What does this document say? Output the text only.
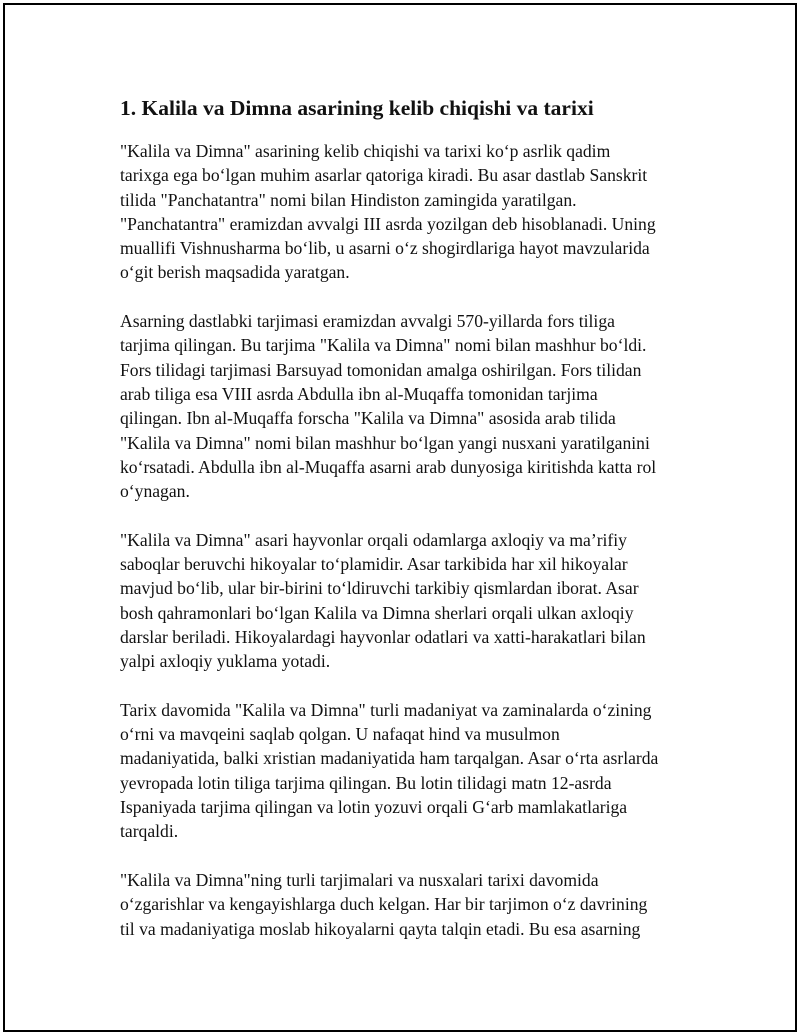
1. Kalila va Dimna asarining kelib chiqishi va tarixi

"Kalila va Dimna" asarining kelib chiqishi va tarixi ko‘p asrlik qadim
tarixga ega bo‘lgan muhim asarlar qatoriga kiradi. Bu asar dastlab Sanskrit
tilida "Panchatantra" nomi bilan Hindiston zamingida yaratilgan.
"Panchatantra" eramizdan avvalgi III asrda yozilgan deb hisoblanadi. Uning
muallifi Vishnusharma bo‘lib, u asarni o‘z shogirdlariga hayot mavzularida
o‘git berish maqsadida yaratgan.

Asarning dastlabki tarjimasi eramizdan avvalgi 570-yillarda fors tiliga
tarjima qilingan. Bu tarjima "Kalila va Dimna" nomi bilan mashhur bo‘ldi.
Fors tilidagi tarjimasi Barsuyad tomonidan amalga oshirilgan. Fors tilidan
arab tiliga esa VIII asrda Abdulla ibn al-Muqaffa tomonidan tarjima
qilingan. Ibn al-Muqaffa forscha "Kalila va Dimna" asosida arab tilida
"Kalila va Dimna" nomi bilan mashhur bo‘lgan yangi nusxani yaratilganini
ko‘rsatadi. Abdulla ibn al-Muqaffa asarni arab dunyosiga kiritishda katta rol
o‘ynagan.

"Kalila va Dimna" asari hayvonlar orqali odamlarga axloqiy va ma’rifiy
saboqlar beruvchi hikoyalar to‘plamidir. Asar tarkibida har xil hikoyalar
mavjud bo‘lib, ular bir-birini to‘ldiruvchi tarkibiy qismlardan iborat. Asar
bosh qahramonlari bo‘lgan Kalila va Dimna sherlari orqali ulkan axloqiy
darslar beriladi. Hikoyalardagi hayvonlar odatlari va xatti-harakatlari bilan
yalpi axloqiy yuklama yotadi.

Tarix davomida "Kalila va Dimna" turli madaniyat va zaminalarda o‘zining
o‘rni va mavqeini saqlab qolgan. U nafaqat hind va musulmon
madaniyatida, balki xristian madaniyatida ham tarqalgan. Asar o‘rta asrlarda
yevropada lotin tiliga tarjima qilingan. Bu lotin tilidagi matn 12-asrda
Ispaniyada tarjima qilingan va lotin yozuvi orqali G‘arb mamlakatlariga
tarqaldi.

"Kalila va Dimna"ning turli tarjimalari va nusxalari tarixi davomida
o‘zgarishlar va kengayishlarga duch kelgan. Har bir tarjimon o‘z davrining
til va madaniyatiga moslab hikoyalarni qayta talqin etadi. Bu esa asarning
